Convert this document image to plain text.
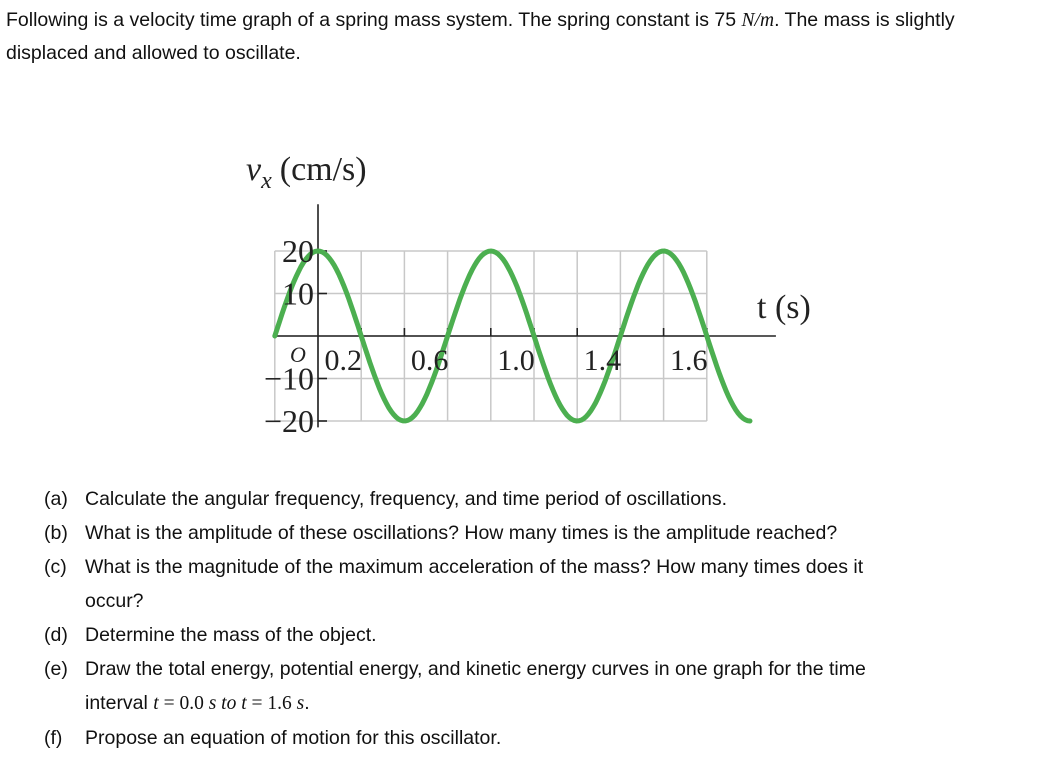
Following is a velocity time graph of a spring mass system. The spring constant is 75 N/m. The mass is slightly displaced and allowed to oscillate.
$v_x$ (cm/s)
t (s)
O
20
10
−10
−20
0.2 0.6 1.0 1.4 1.6
(a) Calculate the angular frequency, frequency, and time period of oscillations.
(b) What is the amplitude of these oscillations? How many times is the amplitude reached?
(c) What is the magnitude of the maximum acceleration of the mass? How many times does it
occur?
(d) Determine the mass of the object.
(e) Draw the total energy, potential energy, and kinetic energy curves in one graph for the time
interval t = 0.0 s to t = 1.6 s.
(f)	Propose an equation of motion for this oscillator.
